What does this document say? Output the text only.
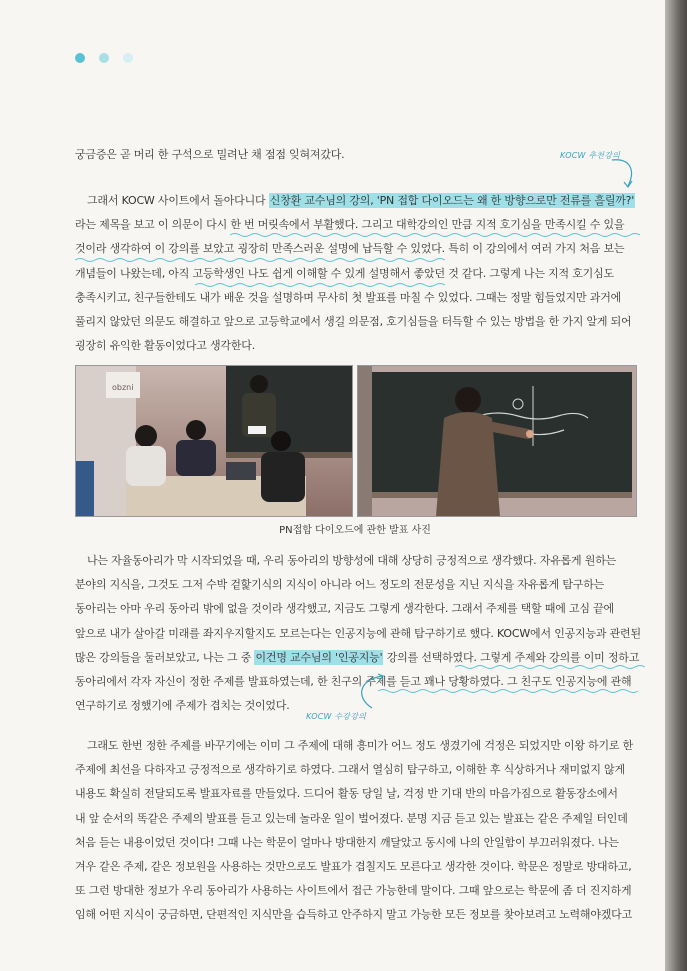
궁금증은 곧 머리 한 구석으로 밀려난 채 점점 잊혀져갔다.	KOCW 추천강의

그래서 KOCW 사이트에서 돌아다니다 신창환 교수님의 강의, 'PN 접합 다이오드는 왜 한 방향으로만 전류를 흘릴까?'
라는 제목을 보고 이 의문이 다시 한 번 머릿속에서 부활했다. 그리고 대학강의인 만큼 지적 호기심을 만족시킬 수 있을
것이라 생각하여 이 강의를 보았고 굉장히 만족스러운 설명에 납득할 수 있었다. 특히 이 강의에서 여러 가지 처음 보는
개념들이 나왔는데, 아직 고등학생인 나도 쉽게 이해할 수 있게 설명해서 좋았던 것 같다. 그렇게 나는 지적 호기심도
충족시키고, 친구들한테도 내가 배운 것을 설명하며 무사히 첫 발표를 마칠 수 있었다. 그때는 정말 힘들었지만 과거에
풀리지 않았던 의문도 해결하고 앞으로 고등학교에서 생길 의문점, 호기심들을 터득할 수 있는 방법을 한 가지 알게 되어
굉장히 유익한 활동이었다고 생각한다.

obzni
PN접합 다이오드에 관한 발표 사진

나는 자율동아리가 막 시작되었을 때, 우리 동아리의 방향성에 대해 상당히 긍정적으로 생각했다. 자유롭게 원하는
분야의 지식을, 그것도 그저 수박 겉핥기식의 지식이 아니라 어느 정도의 전문성을 지닌 지식을 자유롭게 탐구하는
동아리는 아마 우리 동아리 밖에 없을 것이라 생각했고, 지금도 그렇게 생각한다. 그래서 주제를 택할 때에 고심 끝에
앞으로 내가 살아갈 미래를 좌지우지할지도 모르는다는 인공지능에 관해 탐구하기로 했다. KOCW에서 인공지능과 관련된
많은 강의들을 둘러보았고, 나는 그 중 이건명 교수님의 '인공지능' 강의를 선택하였다. 그렇게 주제와 강의를 이미 정하고
동아리에서 각자 자신이 정한 주제를 발표하였는데, 한 친구의 주제를 듣고 꽤나 당황하였다. 그 친구도 인공지능에 관해
연구하기로 정했기에 주제가 겹치는 것이었다.

KOCW 수강강의

그래도 한번 정한 주제를 바꾸기에는 이미 그 주제에 대해 흥미가 어느 정도 생겼기에 걱정은 되었지만 이왕 하기로 한
주제에 최선을 다하자고 긍정적으로 생각하기로 하였다. 그래서 열심히 탐구하고, 이해한 후 식상하거나 재미없지 않게
내용도 확실히 전달되도록 발표자료를 만들었다. 드디어 활동 당일 날, 걱정 반 기대 반의 마음가짐으로 활동장소에서
내 앞 순서의 똑같은 주제의 발표를 듣고 있는데 놀라운 일이 벌어졌다. 분명 지금 듣고 있는 발표는 같은 주제일 터인데
처음 듣는 내용이었던 것이다! 그때 나는 학문이 얼마나 방대한지 깨달았고 동시에 나의 안일함이 부끄러워졌다. 나는
겨우 같은 주제, 같은 정보원을 사용하는 것만으로도 발표가 겹칠지도 모른다고 생각한 것이다. 학문은 정말로 방대하고,
또 그런 방대한 정보가 우리 동아리가 사용하는 사이트에서 접근 가능한데 말이다. 그때 앞으로는 학문에 좀 더 진지하게
임해 어떤 지식이 궁금하면, 단편적인 지식만을 습득하고 안주하지 말고 가능한 모든 정보를 찾아보려고 노력해야겠다고
